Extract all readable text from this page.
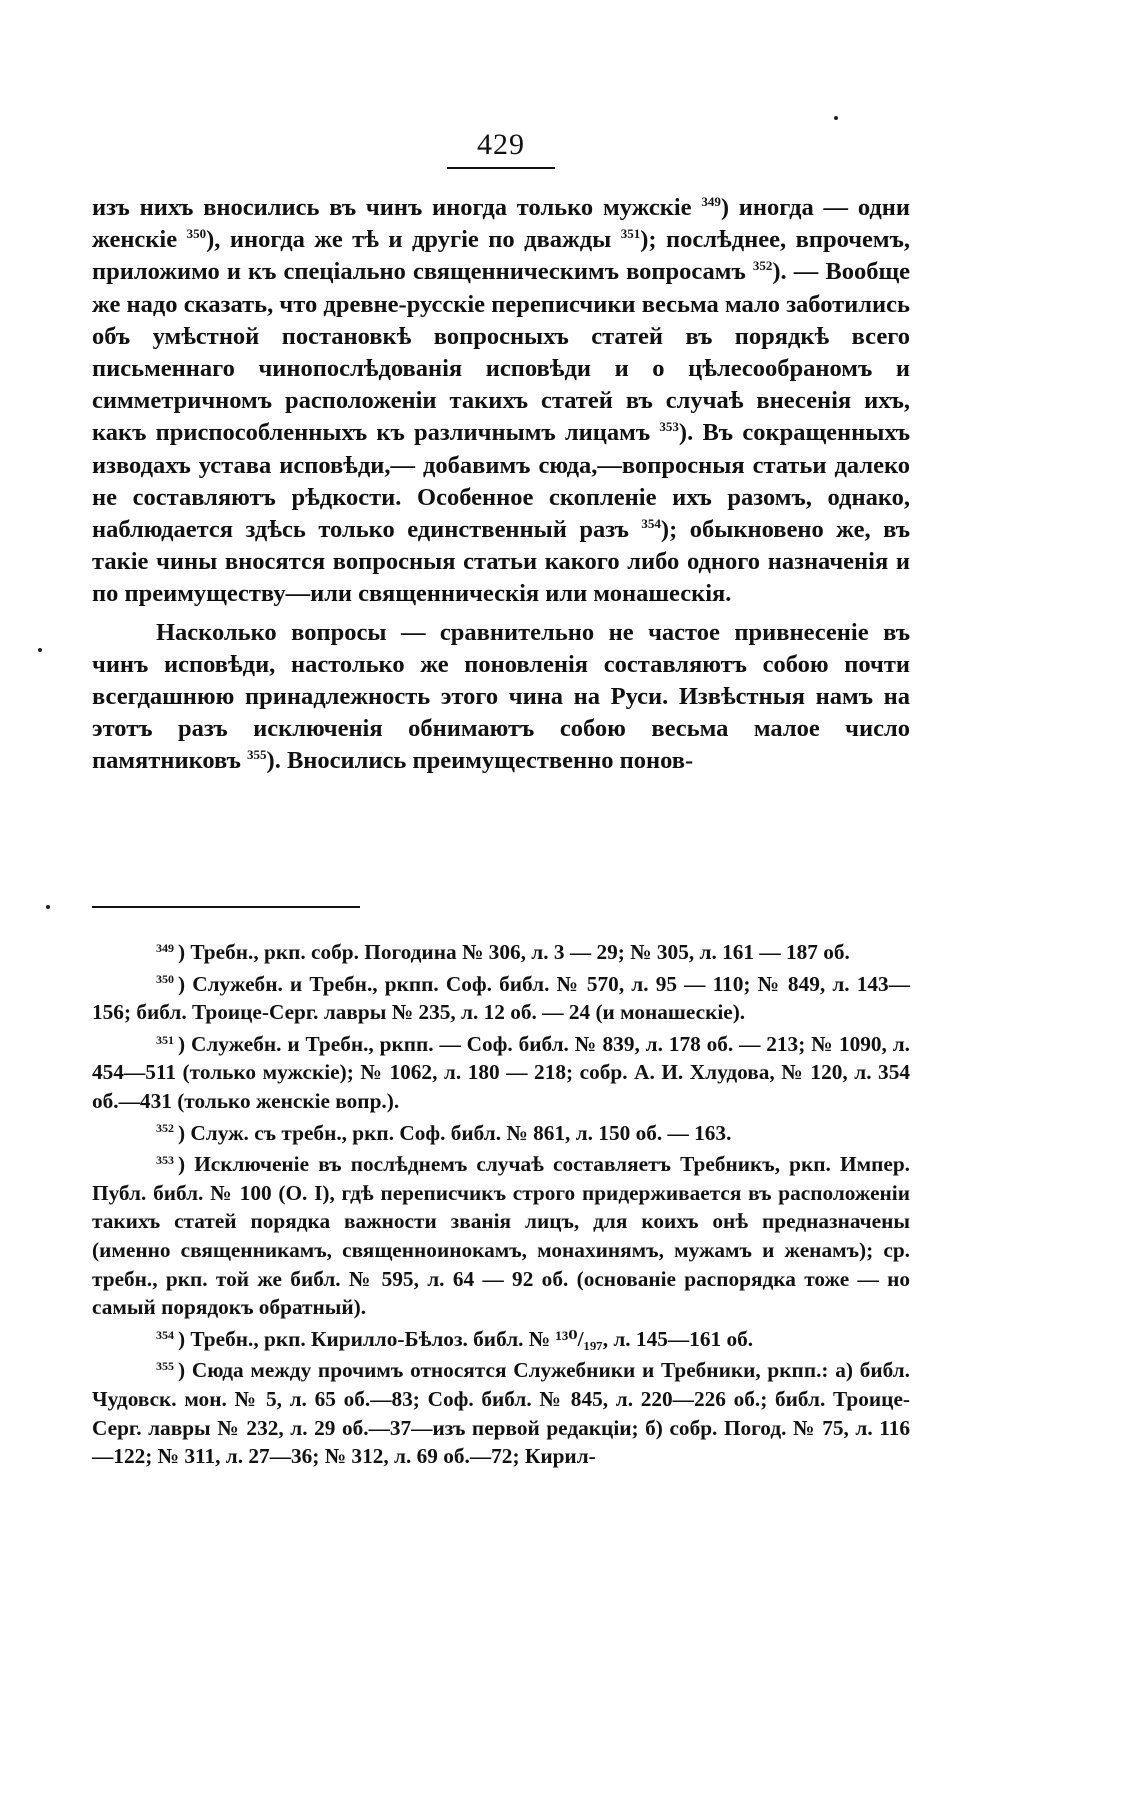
429

изъ нихъ вносились въ чинъ иногда только мужскіе $^{349}$) иногда — одни женскіе $^{350}$), иногда же тѣ и другіе по дважды $^{351}$); послѣднее, впрочемъ, приложимо и къ спеціально священническимъ вопросамъ $^{352}$). — Вообще же надо сказать, что древне-русскіе переписчики весьма мало заботились объ умѣстной постановкѣ вопросныхъ статей въ порядкѣ всего письменнаго чинопослѣдованія исповѣди и о цѣлесообраномъ и симметричномъ расположеніи такихъ статей въ случаѣ внесенія ихъ, какъ приспособленныхъ къ различнымъ лицамъ $^{353}$). Въ сокращенныхъ изводахъ устава исповѣди,— добавимъ сюда,—вопросныя статьи далеко не составляютъ рѣдкости. Особенное скопленіе ихъ разомъ, однако, наблюдается здѣсь только единственный разъ $^{354}$); обыкновено же, въ такіе чины вносятся вопросныя статьи какого либо одного назначенія и по преимуществу—или священническія или монашескія.

Насколько вопросы — сравнительно не частое привнесеніе въ чинъ исповѣди, настолько же поновленія составляютъ собою почти всегдашнюю принадлежность этого чина на Руси. Извѣстныя намъ на этотъ разъ исключенія обнимаютъ собою весьма малое число памятниковъ $^{355}$). Вносились преимущественно понов-

$^{349}$ ) Требн., ркп. собр. Погодина № 306, л. 3 — 29; № 305, л. 161 — 187 об.

$^{350}$ ) Служебн. и Требн., ркпп. Соф. библ. № 570, л. 95 — 110; № 849, л. 143—156; библ. Троице-Серг. лавры № 235, л. 12 об. — 24 (и монашескіе).

$^{351}$ ) Служебн. и Требн., ркпп. — Соф. библ. № 839, л. 178 об. — 213; № 1090, л. 454—511 (только мужскіе); № 1062, л. 180 — 218; собр. А. И. Хлудова, № 120, л. 354 об.—431 (только женскіе вопр.).

$^{352}$ ) Служ. съ требн., ркп. Соф. библ. № 861, л. 150 об. — 163.

$^{353}$ ) Исключеніе въ послѣднемъ случаѣ составляетъ Требникъ, ркп. Импер. Публ. библ. № 100 (О. I), гдѣ переписчикъ строго придерживается въ расположеніи такихъ статей порядка важности званія лицъ, для коихъ онѣ предназначены (именно священникамъ, священноинокамъ, монахинямъ, мужамъ и женамъ); ср. требн., ркп. той же библ. № 595, л. 64 — 92 об. (основаніе распорядка тоже — но самый порядокъ обратный).

$^{354}$ ) Требн., ркп. Кирилло-Бѣлоз. библ. № ¹³⁰/₁₉₇, л. 145—161 об.

$^{355}$ ) Сюда между прочимъ относятся Служебники и Требники, ркпп.: а) библ. Чудовск. мон. № 5, л. 65 об.—83; Соф. библ. № 845, л. 220—226 об.; библ. Троице-Серг. лавры № 232, л. 29 об.—37—изъ первой редакціи; б) собр. Погод. № 75, л. 116—122; № 311, л. 27—36; № 312, л. 69 об.—72; Кирил-
